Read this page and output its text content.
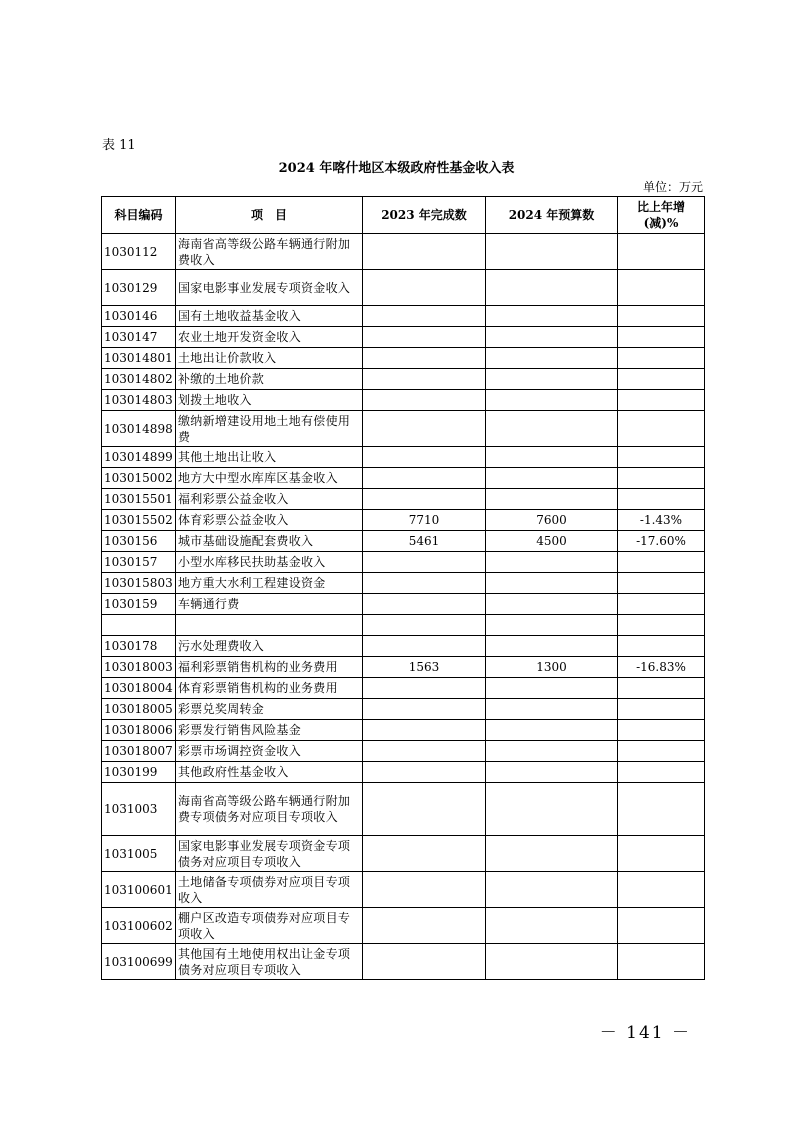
表 11
2024 年喀什地区本级政府性基金收入表
单位：万元
科目编码	项　目	2023 年完成数	2024 年预算数	比上年增(减)%
1030112	海南省高等级公路车辆通行附加费收入			
1030129	国家电影事业发展专项资金收入			
1030146	国有土地收益基金收入			
1030147	农业土地开发资金收入			
103014801	土地出让价款收入			
103014802	补缴的土地价款			
103014803	划拨土地收入			
103014898	缴纳新增建设用地土地有偿使用费			
103014899	其他土地出让收入			
103015002	地方大中型水库库区基金收入			
103015501	福利彩票公益金收入			
103015502	体育彩票公益金收入	7710	7600	-1.43%
1030156	城市基础设施配套费收入	5461	4500	-17.60%
1030157	小型水库移民扶助基金收入			
103015803	地方重大水利工程建设资金			
1030159	车辆通行费			

1030178	污水处理费收入			
103018003	福利彩票销售机构的业务费用	1563	1300	-16.83%
103018004	体育彩票销售机构的业务费用			
103018005	彩票兑奖周转金			
103018006	彩票发行销售风险基金			
103018007	彩票市场调控资金收入			
1030199	其他政府性基金收入			
1031003	海南省高等级公路车辆通行附加费专项债务对应项目专项收入			
1031005	国家电影事业发展专项资金专项债务对应项目专项收入			
103100601	土地储备专项债券对应项目专项收入			
103100602	棚户区改造专项债券对应项目专项收入			
103100699	其他国有土地使用权出让金专项债务对应项目专项收入			
－ 141 －
